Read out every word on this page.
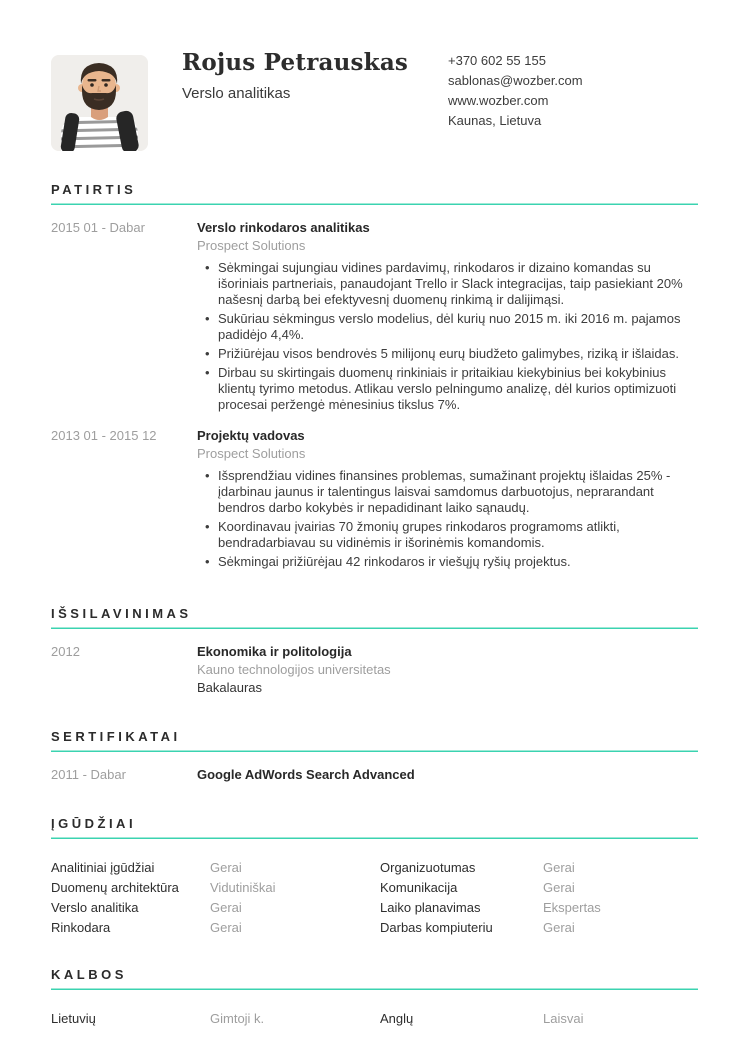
Rojus Petrauskas
Verslo analitikas
+370 602 55 155
sablonas@wozber.com
www.wozber.com
Kaunas, Lietuva
PATIRTIS
2015 01 - Dabar	Verslo rinkodaros analitikas
Prospect Solutions
• Sėkmingai sujungiau vidines pardavimų, rinkodaros ir dizaino komandas su išoriniais partneriais, panaudojant Trello ir Slack integracijas, taip pasiekiant 20% našesnį darbą bei efektyvesnį duomenų rinkimą ir dalijimąsi.
• Sukūriau sėkmingus verslo modelius, dėl kurių nuo 2015 m. iki 2016 m. pajamos padidėjo 4,4%.
• Prižiūrėjau visos bendrovės 5 milijonų eurų biudžeto galimybes, riziką ir išlaidas.
• Dirbau su skirtingais duomenų rinkiniais ir pritaikiau kiekybinius bei kokybinius klientų tyrimo metodus. Atlikau verslo pelningumo analizę, dėl kurios optimizuoti procesai peržengė mėnesinius tikslus 7%.
2013 01 - 2015 12	Projektų vadovas
Prospect Solutions
• Išsprendžiau vidines finansines problemas, sumažinant projektų išlaidas 25% - įdarbinau jaunus ir talentingus laisvai samdomus darbuotojus, neprarandant bendros darbo kokybės ir nepadidinant laiko sąnaudų.
• Koordinavau įvairias 70 žmonių grupes rinkodaros programoms atlikti, bendradarbiavau su vidinėmis ir išorinėmis komandomis.
• Sėkmingai prižiūrėjau 42 rinkodaros ir viešųjų ryšių projektus.
IŠSILAVINIMAS
2012	Ekonomika ir politologija
Kauno technologijos universitetas
Bakalauras
SERTIFIKATAI
2011 - Dabar	Google AdWords Search Advanced
ĮGŪDŽIAI
Analitiniai įgūdžiai	Gerai	Organizuotumas	Gerai
Duomenų architektūra	Vidutiniškai	Komunikacija	Gerai
Verslo analitika	Gerai	Laiko planavimas	Ekspertas
Rinkodara	Gerai	Darbas kompiuteriu	Gerai
KALBOS
Lietuvių	Gimtoji k.	Anglų	Laisvai
